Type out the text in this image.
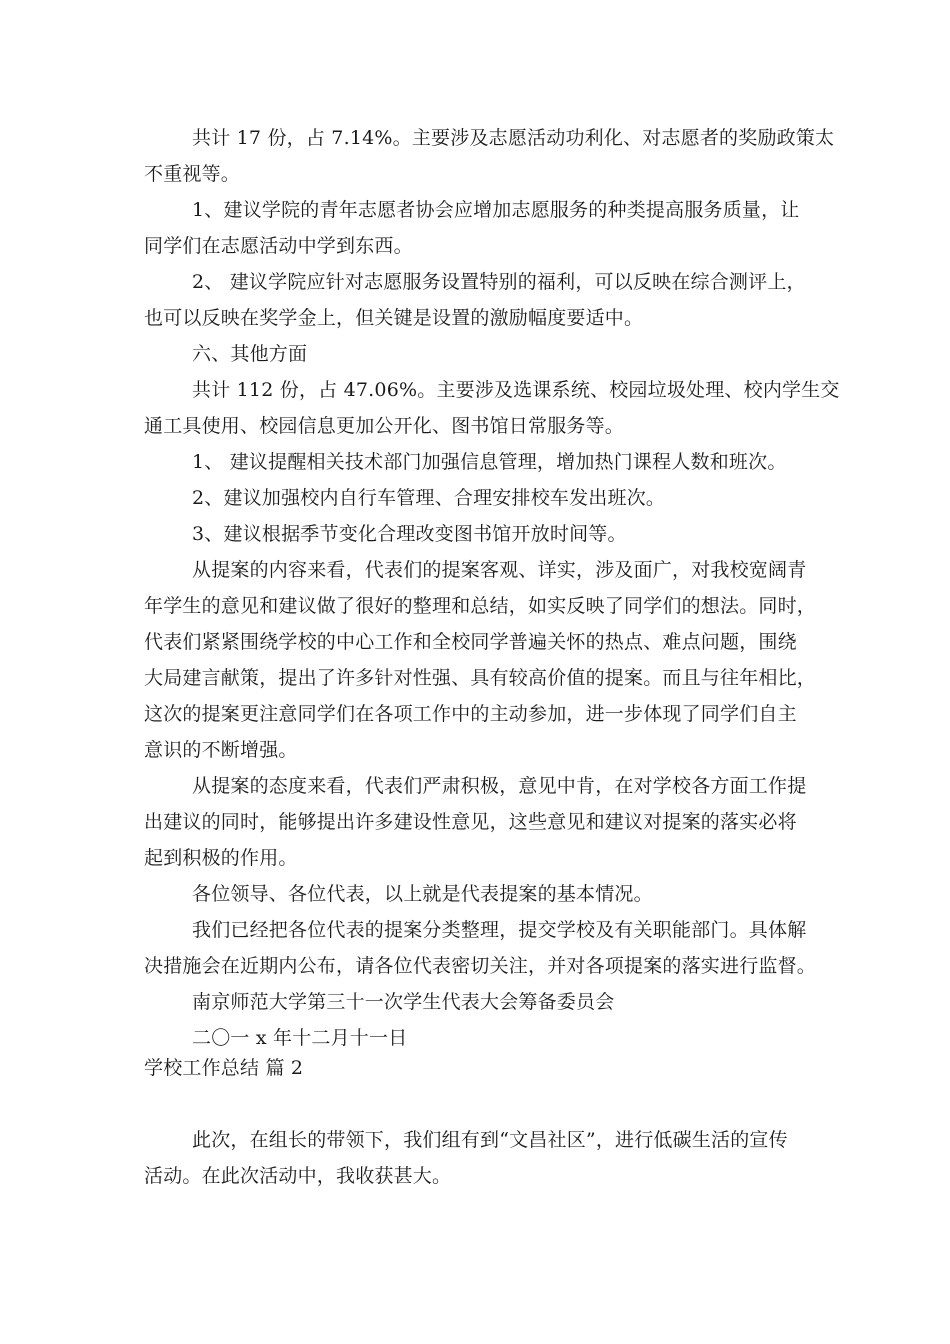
共计 17 份，占 7.14%。主要涉及志愿活动功利化、对志愿者的奖励政策太
不重视等。
1、建议学院的青年志愿者协会应增加志愿服务的种类提高服务质量，让
同学们在志愿活动中学到东西。
2、 建议学院应针对志愿服务设置特别的福利，可以反映在综合测评上，
也可以反映在奖学金上，但关键是设置的激励幅度要适中。
六、其他方面
共计 112 份，占 47.06%。主要涉及选课系统、校园垃圾处理、校内学生交
通工具使用、校园信息更加公开化、图书馆日常服务等。
1、 建议提醒相关技术部门加强信息管理，增加热门课程人数和班次。
2、建议加强校内自行车管理、合理安排校车发出班次。
3、建议根据季节变化合理改变图书馆开放时间等。
从提案的内容来看，代表们的提案客观、详实，涉及面广，对我校宽阔青
年学生的意见和建议做了很好的整理和总结，如实反映了同学们的想法。同时，
代表们紧紧围绕学校的中心工作和全校同学普遍关怀的热点、难点问题，围绕
大局建言献策，提出了许多针对性强、具有较高价值的提案。而且与往年相比，
这次的提案更注意同学们在各项工作中的主动参加，进一步体现了同学们自主
意识的不断增强。
从提案的态度来看，代表们严肃积极，意见中肯，在对学校各方面工作提
出建议的同时，能够提出许多建设性意见，这些意见和建议对提案的落实必将
起到积极的作用。
各位领导、各位代表，以上就是代表提案的基本情况。
我们已经把各位代表的提案分类整理，提交学校及有关职能部门。具体解
决措施会在近期内公布，请各位代表密切关注，并对各项提案的落实进行监督。
南京师范大学第三十一次学生代表大会筹备委员会
二〇一 x 年十二月十一日
学校工作总结 篇 2
此次，在组长的带领下，我们组有到“文昌社区”，进行低碳生活的宣传
活动。在此次活动中，我收获甚大。
